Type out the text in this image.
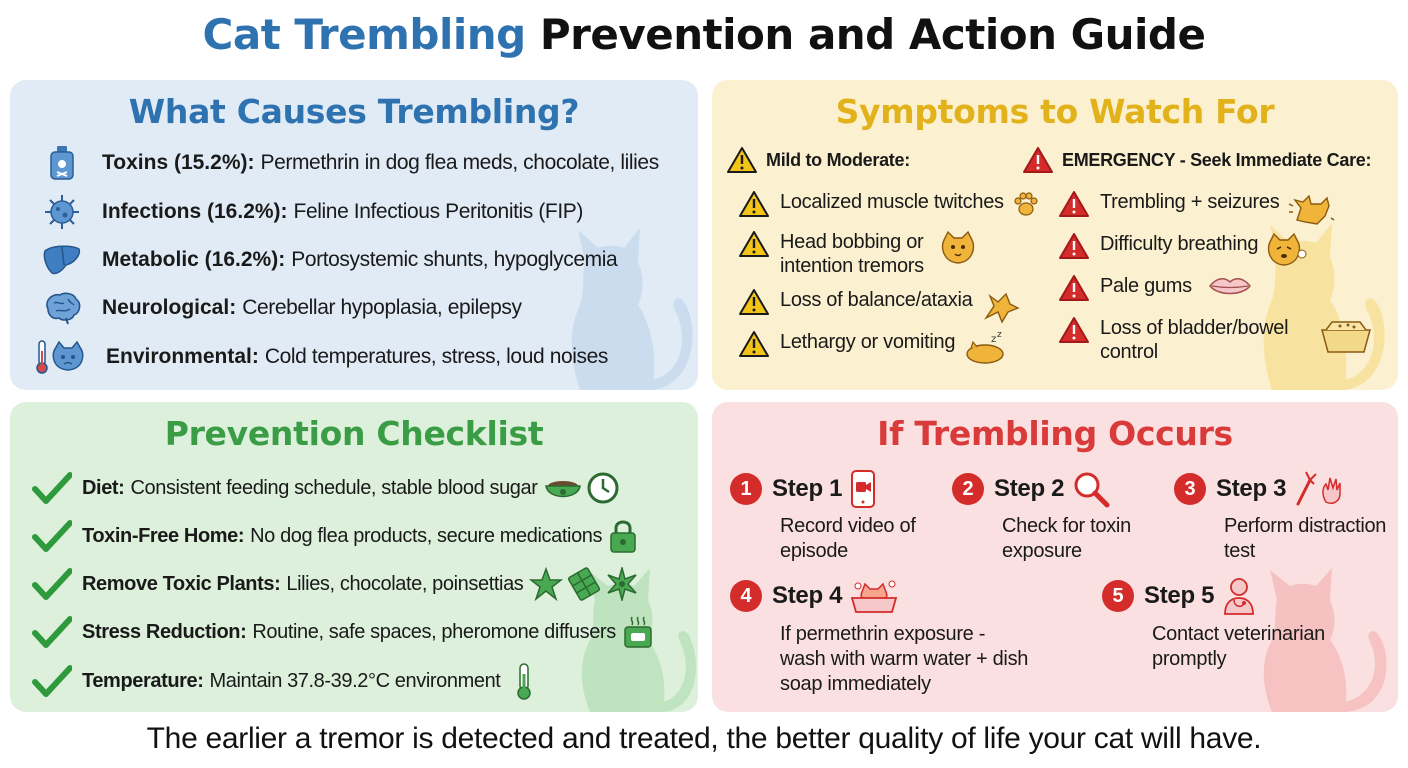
Cat Trembling Prevention and Action Guide
What Causes Trembling?
Toxins (15.2%): Permethrin in dog flea meds, chocolate, lilies
Infections (16.2%): Feline Infectious Peritonitis (FIP)
Metabolic (16.2%): Portosystemic shunts, hypoglycemia
Neurological: Cerebellar hypoplasia, epilepsy
Environmental: Cold temperatures, stress, loud noises
Symptoms to Watch For
Mild to Moderate:	EMERGENCY - Seek Immediate Care:
Localized muscle twitches
Head bobbing or intention tremors
Loss of balance/ataxia
Lethargy or vomiting	z z
Trembling + seizures
Difficulty breathing
Pale gums
Loss of bladder/bowel control
Prevention Checklist
Diet: Consistent feeding schedule, stable blood sugar
Toxin-Free Home: No dog flea products, secure medications
Remove Toxic Plants: Lilies, chocolate, poinsettias
Stress Reduction: Routine, safe spaces, pheromone diffusers
Temperature: Maintain 37.8-39.2°C environment
If Trembling Occurs
1 Step 1
Record video of episode
2 Step 2
Check for toxin exposure
3 Step 3
Perform distraction test
4 Step 4
If permethrin exposure - wash with warm water + dish soap immediately
5 Step 5
Contact veterinarian promptly
The earlier a tremor is detected and treated, the better quality of life your cat will have.
